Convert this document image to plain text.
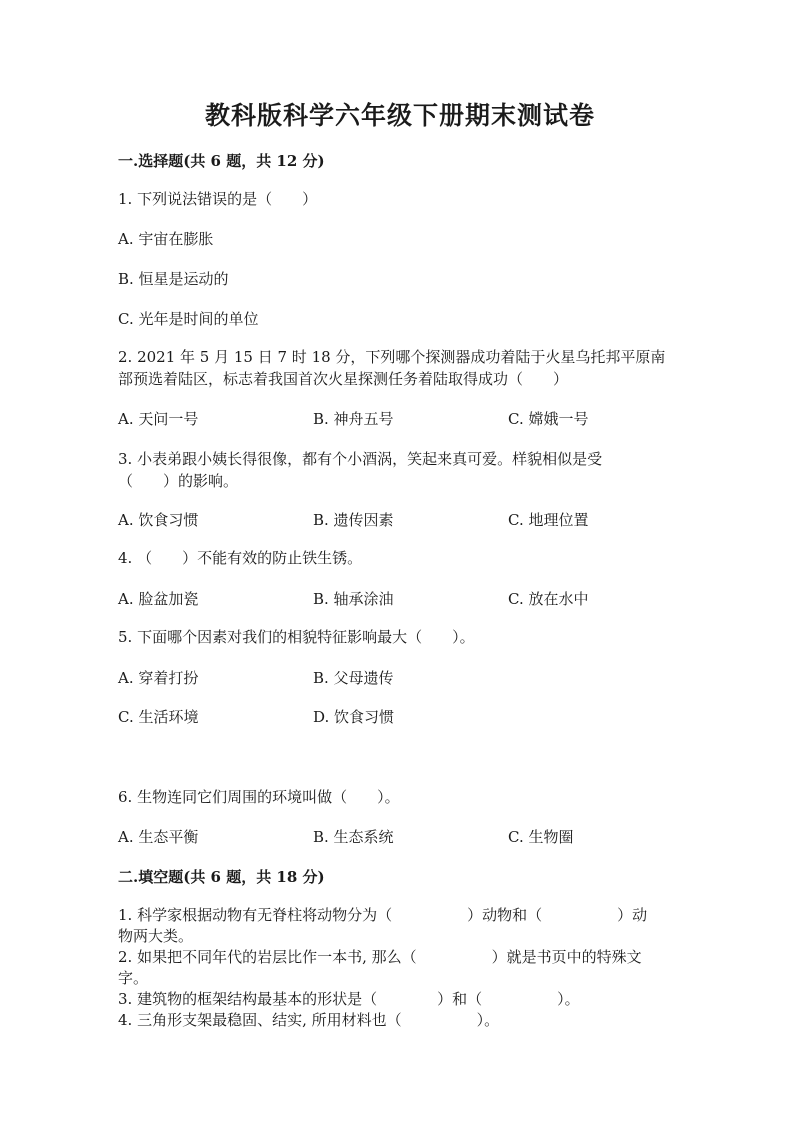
教科版科学六年级下册期末测试卷
一.选择题(共 6 题，共 12 分)
1. 下列说法错误的是（　　）
A. 宇宙在膨胀
B. 恒星是运动的
C. 光年是时间的单位
2. 2021 年 5 月 15 日 7 时 18 分，下列哪个探测器成功着陆于火星乌托邦平原南
部预选着陆区，标志着我国首次火星探测任务着陆取得成功（　　）
A. 天问一号	B. 神舟五号	C. 嫦娥一号
3. 小表弟跟小姨长得很像，都有个小酒涡，笑起来真可爱。样貌相似是受
（　　）的影响。
A. 饮食习惯	B. 遗传因素	C. 地理位置
4. （　　）不能有效的防止铁生锈。
A. 脸盆加瓷	B. 轴承涂油	C. 放在水中
5. 下面哪个因素对我们的相貌特征影响最大（　　）。
A. 穿着打扮	B. 父母遗传
C. 生活环境	D. 饮食习惯
6. 生物连同它们周围的环境叫做（　　）。
A. 生态平衡	B. 生态系统	C. 生物圈
二.填空题(共 6 题，共 18 分)
1. 科学家根据动物有无脊柱将动物分为（　　　　　）动物和（　　　　　）动
物两大类。
2. 如果把不同年代的岩层比作一本书, 那么（　　　　　）就是书页中的特殊文
字。
3. 建筑物的框架结构最基本的形状是（　　　　）和（　　　　　）。
4. 三角形支架最稳固、结实, 所用材料也（　　　　　）。
